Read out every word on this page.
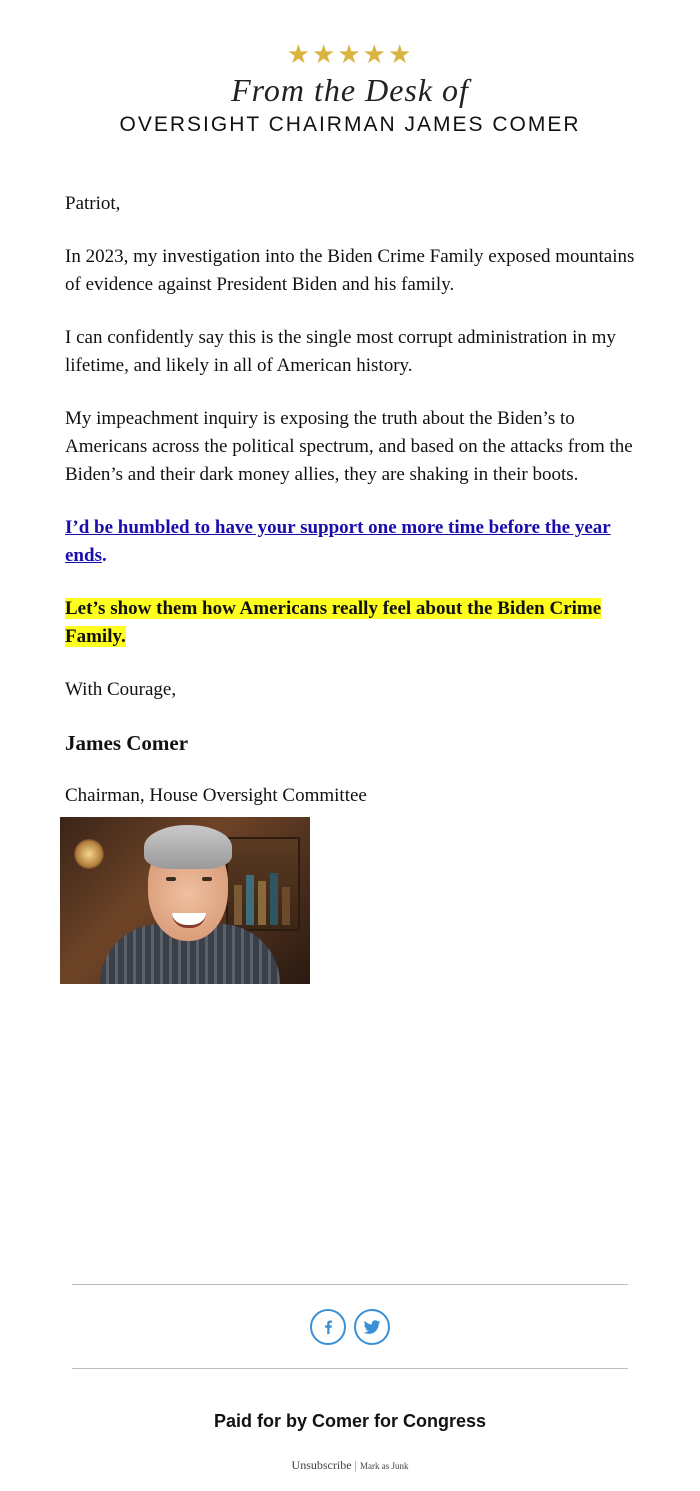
★★★★★
From the Desk of
OVERSIGHT CHAIRMAN JAMES COMER

Patriot,

In 2023, my investigation into the Biden Crime Family exposed mountains of evidence against President Biden and his family.

I can confidently say this is the single most corrupt administration in my lifetime, and likely in all of American history.

My impeachment inquiry is exposing the truth about the Biden’s to Americans across the political spectrum, and based on the attacks from the Biden’s and their dark money allies, they are shaking in their boots.

I’d be humbled to have your support one more time before the year ends.

Let’s show them how Americans really feel about the Biden Crime Family.

With Courage,

James Comer

Chairman, House Oversight Committee

Paid for by Comer for Congress
Unsubscribe | Mark as Junk
